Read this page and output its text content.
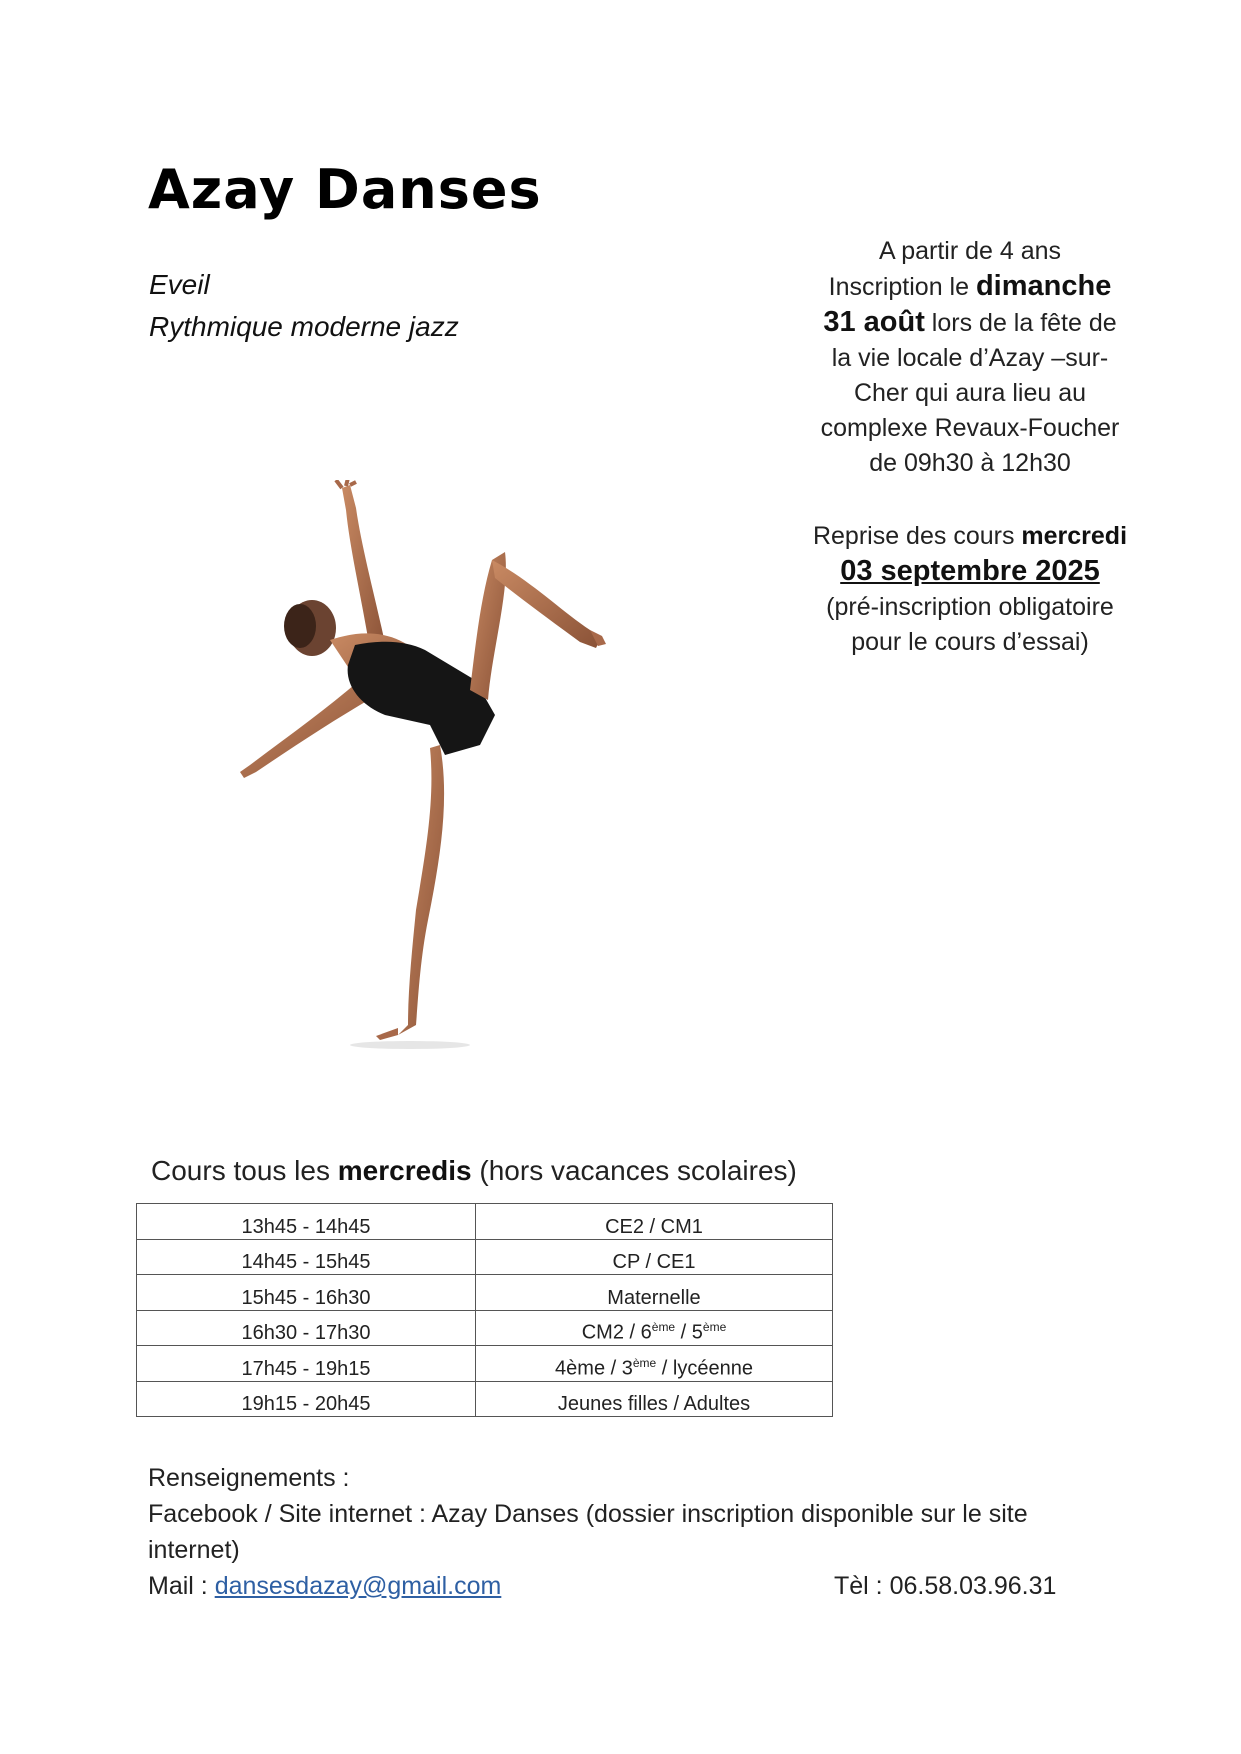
Azay Danses
Eveil
Rythmique moderne jazz
A partir de 4 ans
Inscription le dimanche
31 août lors de la fête de
la vie locale d’Azay –sur-
Cher qui aura lieu au
complexe Revaux-Foucher
de 09h30 à 12h30
Reprise des cours mercredi
03 septembre 2025
(pré-inscription obligatoire
pour le cours d’essai)
Cours tous les mercredis (hors vacances scolaires)
13h45 - 14h45	CE2 / CM1
14h45 - 15h45	CP / CE1
15h45 - 16h30	Maternelle
16h30 - 17h30	CM2 / 6ème / 5ème
17h45 - 19h15	4ème / 3ème / lycéenne
19h15 - 20h45	Jeunes filles / Adultes
Renseignements :
Facebook / Site internet : Azay Danses (dossier inscription disponible sur le site
internet)
Mail : dansesdazay@gmail.com	Tèl : 06.58.03.96.31
